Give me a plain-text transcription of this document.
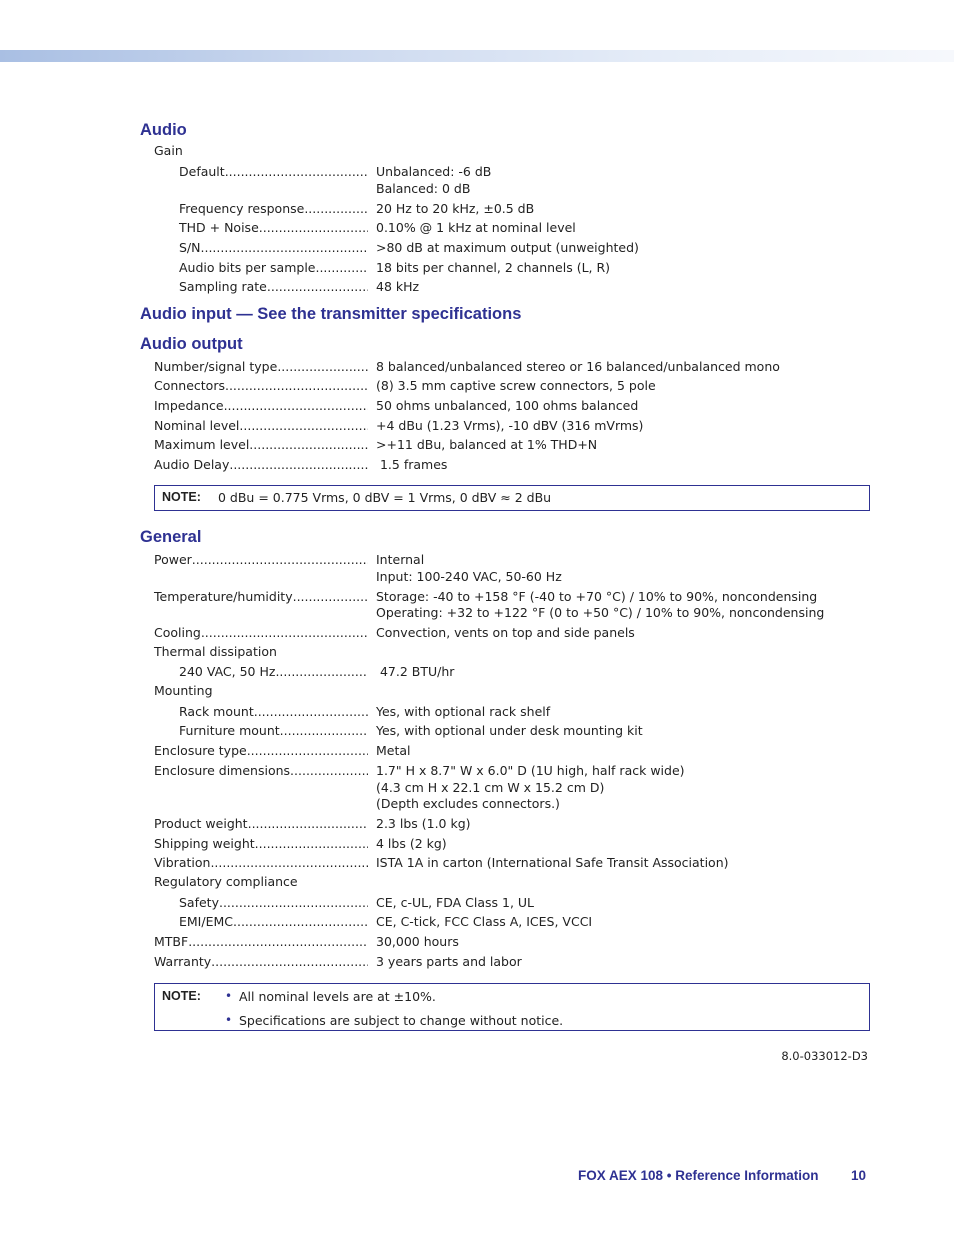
Audio
Gain
Default .....	Unbalanced: -6 dB
Balanced: 0 dB
Frequency response .....	20 Hz to 20 kHz, ±0.5 dB
THD + Noise .....	0.10% @ 1 kHz at nominal level
S/N .....	>80 dB at maximum output (unweighted)
Audio bits per sample .....	18 bits per channel, 2 channels (L, R)
Sampling rate .....	48 kHz
Audio input — See the transmitter specifications
Audio output
Number/signal type .....	8 balanced/unbalanced stereo or 16 balanced/unbalanced mono
Connectors .....	(8) 3.5 mm captive screw connectors, 5 pole
Impedance .....	50 ohms unbalanced, 100 ohms balanced
Nominal level .....	+4 dBu (1.23 Vrms), -10 dBV (316 mVrms)
Maximum level .....	>+11 dBu, balanced at 1% THD+N
Audio Delay .....	1.5 frames
NOTE: 0 dBu = 0.775 Vrms, 0 dBV = 1 Vrms, 0 dBV ≈ 2 dBu
General
Power .....	Internal
Input: 100-240 VAC, 50-60 Hz
Temperature/humidity .....	Storage: -40 to +158 °F (-40 to +70 °C) / 10% to 90%, noncondensing
Operating: +32 to +122 °F (0 to +50 °C) / 10% to 90%, noncondensing
Cooling .....	Convection, vents on top and side panels
Thermal dissipation
240 VAC, 50 Hz .....	47.2 BTU/hr
Mounting
Rack mount .....	Yes, with optional rack shelf
Furniture mount .....	Yes, with optional under desk mounting kit
Enclosure type .....	Metal
Enclosure dimensions .....	1.7" H x 8.7" W x 6.0" D (1U high, half rack wide)
(4.3 cm H x 22.1 cm W x 15.2 cm D)
(Depth excludes connectors.)
Product weight .....	2.3 lbs (1.0 kg)
Shipping weight .....	4 lbs (2 kg)
Vibration .....	ISTA 1A in carton (International Safe Transit Association)
Regulatory compliance
Safety .....	CE, c-UL, FDA Class 1, UL
EMI/EMC .....	CE, C-tick, FCC Class A, ICES, VCCI
MTBF .....	30,000 hours
Warranty .....	3 years parts and labor
NOTE: • All nominal levels are at ±10%.
• Specifications are subject to change without notice.
8.0-033012-D3
FOX AEX 108 • Reference Information 10
